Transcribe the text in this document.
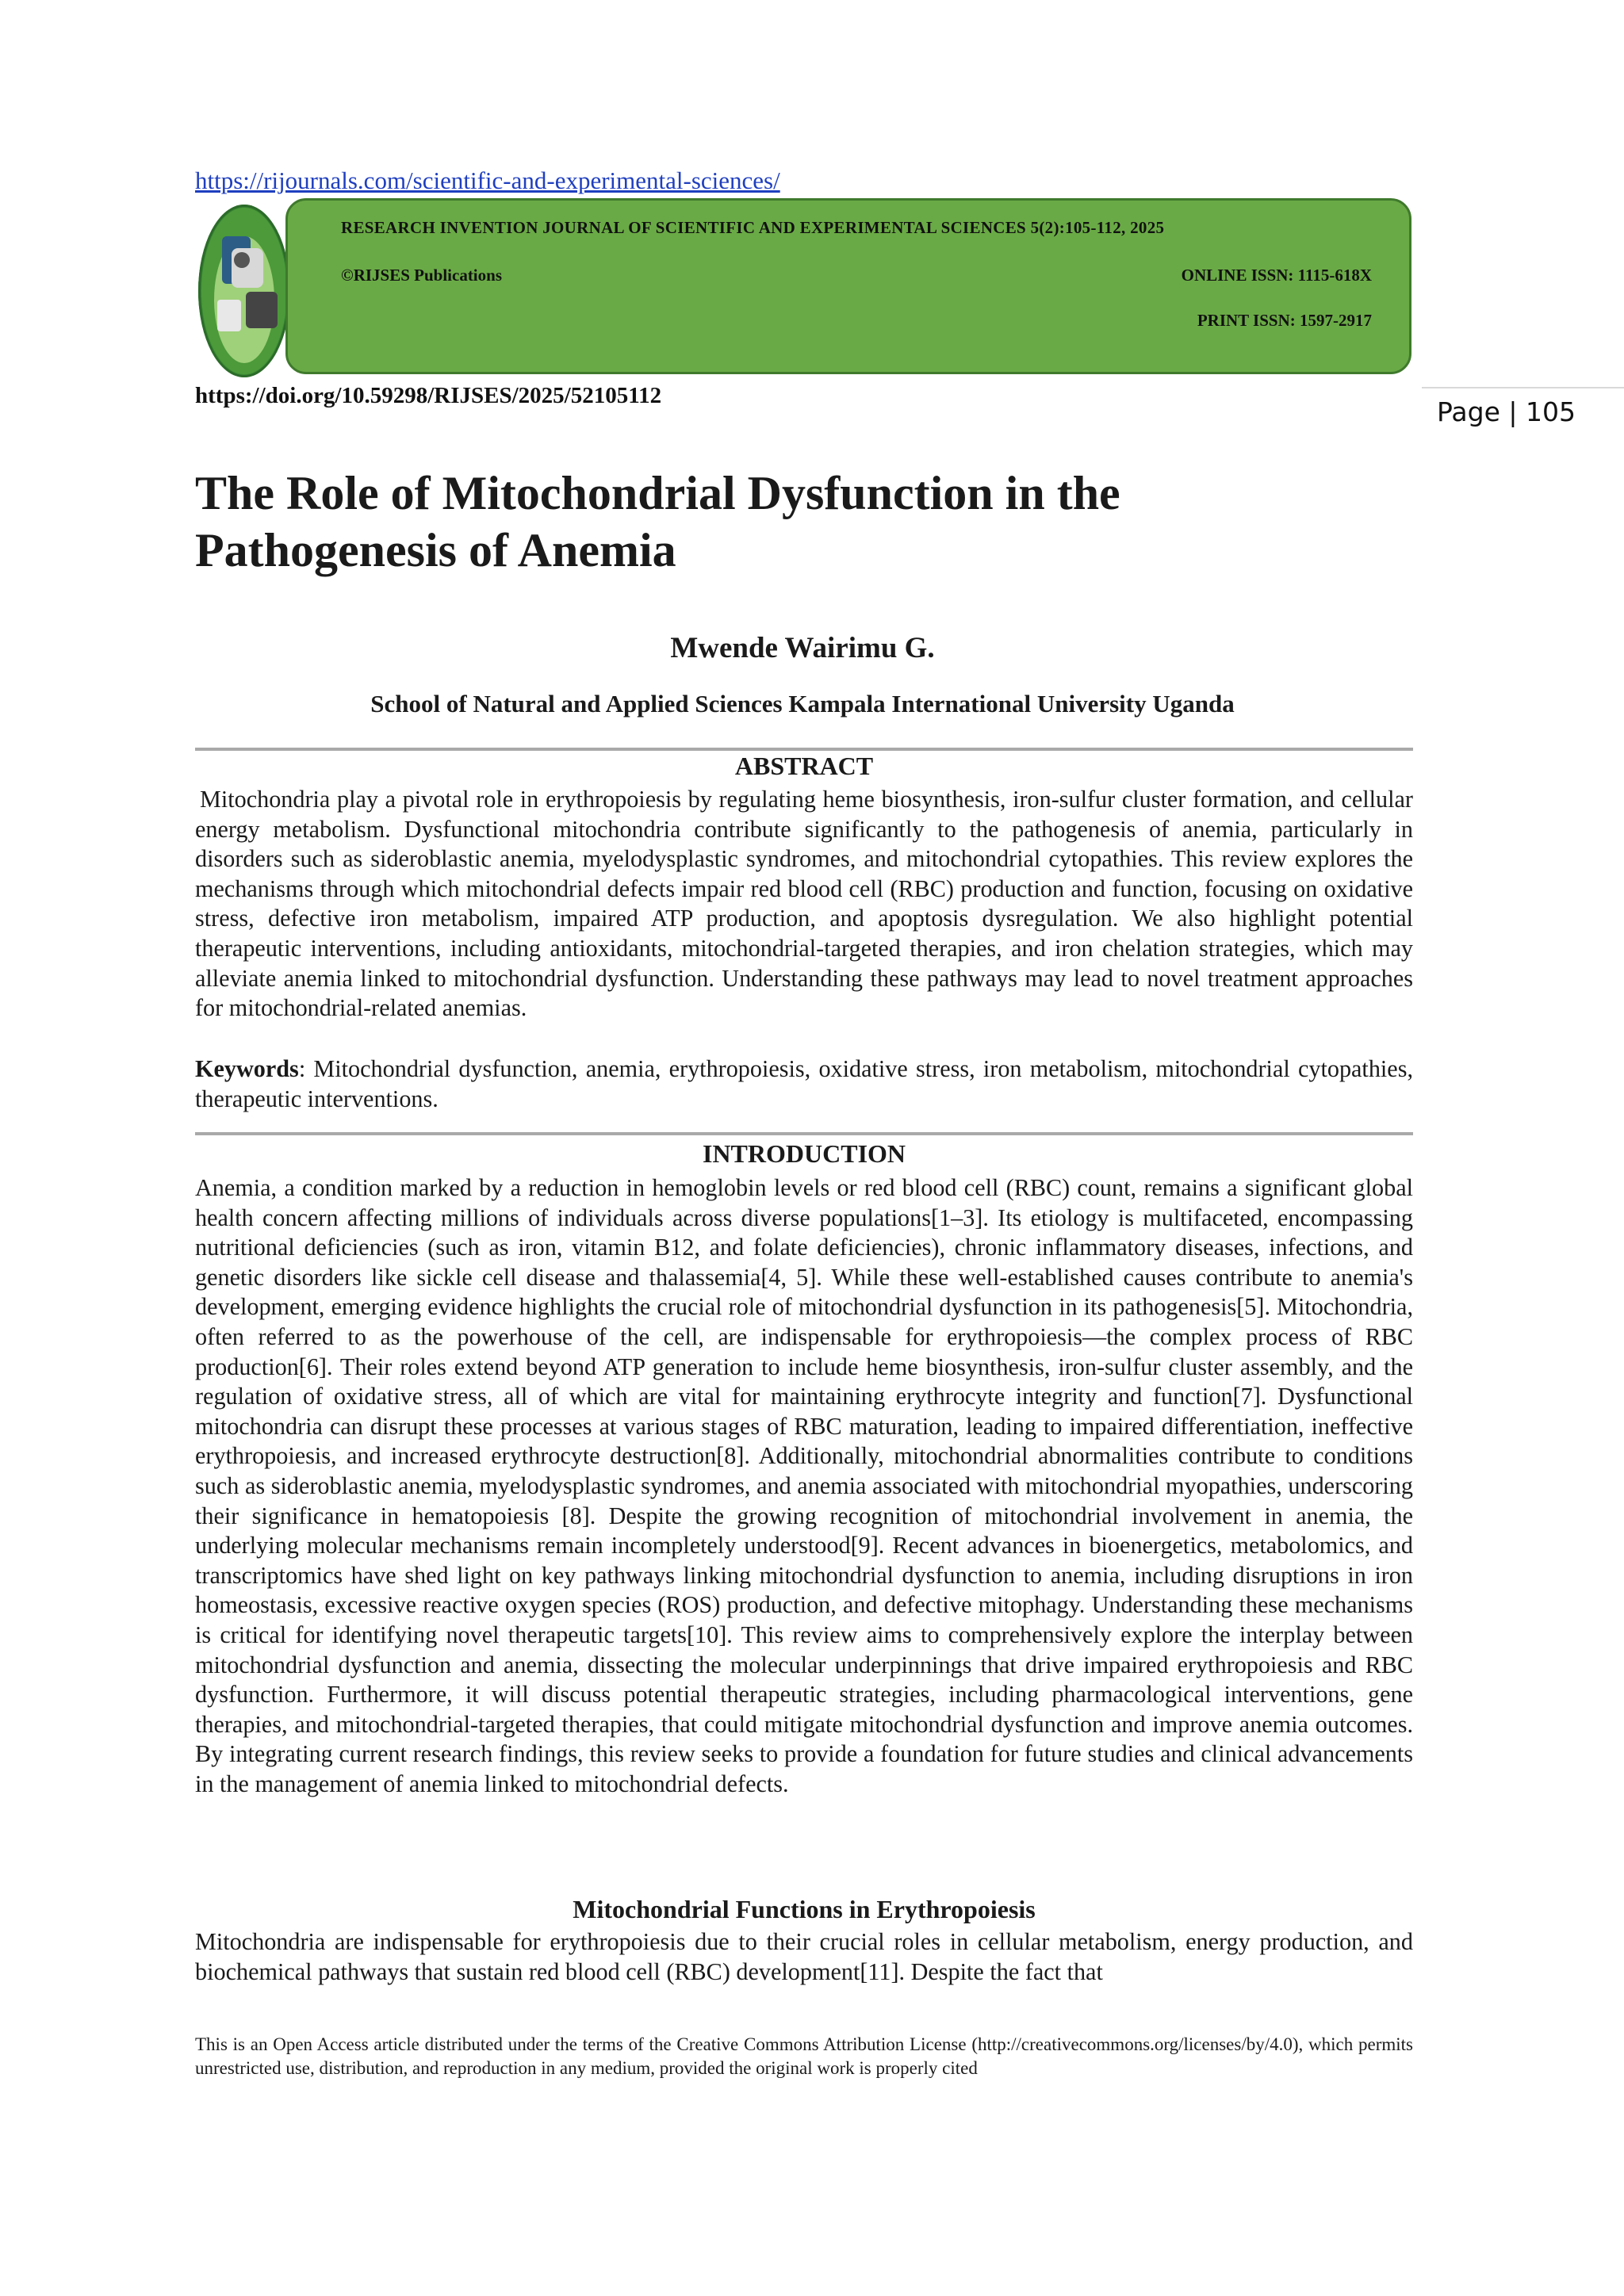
https://rijournals.com/scientific-and-experimental-sciences/
RESEARCH INVENTION JOURNAL OF SCIENTIFIC AND EXPERIMENTAL SCIENCES 5(2):105-112, 2025
©RIJSES Publications	ONLINE ISSN: 1115-618X
PRINT ISSN: 1597-2917
https://doi.org/10.59298/RIJSES/2025/52105112
Page | 105
The Role of Mitochondrial Dysfunction in the
Pathogenesis of Anemia
Mwende Wairimu G.
School of Natural and Applied Sciences Kampala International University Uganda
ABSTRACT
Mitochondria play a pivotal role in erythropoiesis by regulating heme biosynthesis, iron-sulfur cluster formation, and cellular energy metabolism. Dysfunctional mitochondria contribute significantly to the pathogenesis of anemia, particularly in disorders such as sideroblastic anemia, myelodysplastic syndromes, and mitochondrial cytopathies. This review explores the mechanisms through which mitochondrial defects impair red blood cell (RBC) production and function, focusing on oxidative stress, defective iron metabolism, impaired ATP production, and apoptosis dysregulation. We also highlight potential therapeutic interventions, including antioxidants, mitochondrial-targeted therapies, and iron chelation strategies, which may alleviate anemia linked to mitochondrial dysfunction. Understanding these pathways may lead to novel treatment approaches for mitochondrial-related anemias.
Keywords: Mitochondrial dysfunction, anemia, erythropoiesis, oxidative stress, iron metabolism, mitochondrial cytopathies, therapeutic interventions.
INTRODUCTION
Anemia, a condition marked by a reduction in hemoglobin levels or red blood cell (RBC) count, remains a significant global health concern affecting millions of individuals across diverse populations[1–3]. Its etiology is multifaceted, encompassing nutritional deficiencies (such as iron, vitamin B12, and folate deficiencies), chronic inflammatory diseases, infections, and genetic disorders like sickle cell disease and thalassemia[4, 5]. While these well-established causes contribute to anemia's development, emerging evidence highlights the crucial role of mitochondrial dysfunction in its pathogenesis[5]. Mitochondria, often referred to as the powerhouse of the cell, are indispensable for erythropoiesis—the complex process of RBC production[6]. Their roles extend beyond ATP generation to include heme biosynthesis, iron-sulfur cluster assembly, and the regulation of oxidative stress, all of which are vital for maintaining erythrocyte integrity and function[7]. Dysfunctional mitochondria can disrupt these processes at various stages of RBC maturation, leading to impaired differentiation, ineffective erythropoiesis, and increased erythrocyte destruction[8]. Additionally, mitochondrial abnormalities contribute to conditions such as sideroblastic anemia, myelodysplastic syndromes, and anemia associated with mitochondrial myopathies, underscoring their significance in hematopoiesis [8]. Despite the growing recognition of mitochondrial involvement in anemia, the underlying molecular mechanisms remain incompletely understood[9]. Recent advances in bioenergetics, metabolomics, and transcriptomics have shed light on key pathways linking mitochondrial dysfunction to anemia, including disruptions in iron homeostasis, excessive reactive oxygen species (ROS) production, and defective mitophagy. Understanding these mechanisms is critical for identifying novel therapeutic targets[10]. This review aims to comprehensively explore the interplay between mitochondrial dysfunction and anemia, dissecting the molecular underpinnings that drive impaired erythropoiesis and RBC dysfunction. Furthermore, it will discuss potential therapeutic strategies, including pharmacological interventions, gene therapies, and mitochondrial-targeted therapies, that could mitigate mitochondrial dysfunction and improve anemia outcomes. By integrating current research findings, this review seeks to provide a foundation for future studies and clinical advancements in the management of anemia linked to mitochondrial defects.
Mitochondrial Functions in Erythropoiesis
Mitochondria are indispensable for erythropoiesis due to their crucial roles in cellular metabolism, energy production, and biochemical pathways that sustain red blood cell (RBC) development[11]. Despite the fact that
This is an Open Access article distributed under the terms of the Creative Commons Attribution License (http://creativecommons.org/licenses/by/4.0), which permits unrestricted use, distribution, and reproduction in any medium, provided the original work is properly cited
